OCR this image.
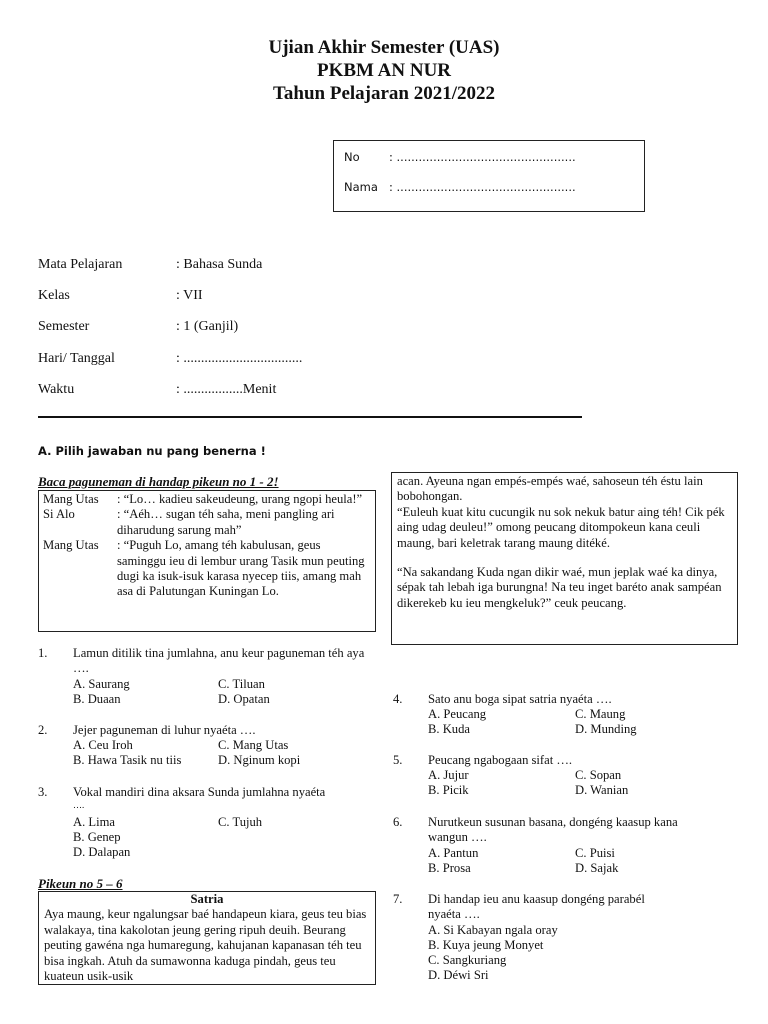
Ujian Akhir Semester (UAS)
PKBM AN NUR
Tahun Pelajaran 2021/2022
No	: .................................................
Nama : .................................................
Mata Pelajaran	: Bahasa Sunda
Kelas	: VII
Semester	: 1 (Ganjil)
Hari/ Tanggal	: ..................................
Waktu	: .................Menit
A. Pilih jawaban nu pang benerna !
Baca paguneman di handap pikeun no 1 - 2!
Mang Utas	: “Lo… kadieu sakeudeung, urang ngopi heula!”
Si Alo	: “Aéh… sugan téh saha, meni pangling ari diharudung sarung mah”
Mang Utas	: “Puguh Lo, amang téh kabulusan, geus saminggu ieu di lembur urang Tasik mun peuting dugi ka isuk-isuk karasa nyecep tiis, amang mah asa di Palutungan Kuningan Lo.
1. Lamun ditilik tina jumlahna, anu keur paguneman téh aya ….
A. Saurang	C. Tiluan
B. Duaan	D. Opatan
2. Jejer paguneman di luhur nyaéta ….
A. Ceu Iroh	C. Mang Utas
B. Hawa Tasik nu tiis	D. Nginum kopi
3. Vokal mandiri dina aksara Sunda jumlahna nyaéta
….
A. Lima	C. Tujuh
B. Genep
D. Dalapan
Pikeun no 5 – 6
Satria
Aya maung, keur ngalungsar baé handapeun kiara, geus teu bias walakaya, tina kakolotan jeung gering ripuh deuih. Beurang peuting gawéna nga humaregung, kahujanan kapanasan téh teu bisa ingkah. Atuh da sumawonna kaduga pindah, geus teu kuateun usik-usik
acan. Ayeuna ngan empés-empés waé, sahoseun téh éstu lain bobohongan.
“Euleuh kuat kitu cucungik nu sok nekuk batur aing téh! Cik pék aing udag deuleu!” omong peucang ditompokeun kana ceuli maung, bari keletrak tarang maung ditéké.
“Na sakandang Kuda ngan dikir waé, mun jeplak waé ka dinya, sépak tah lebah iga burungna! Na teu inget baréto anak sampéan dikerekeb ku ieu mengkeluk?” ceuk peucang.
4. Sato anu boga sipat satria nyaéta ….
A. Peucang	C. Maung
B. Kuda	D. Munding
5. Peucang ngabogaan sifat ….
A. Jujur	C. Sopan
B. Picik	D. Wanian
6. Nurutkeun susunan basana, dongéng kaasup kana wangun ….
A. Pantun	C. Puisi
B. Prosa	D. Sajak
7. Di handap ieu anu kaasup dongéng parabél nyaéta ….
A. Si Kabayan ngala oray
B. Kuya jeung Monyet
C. Sangkuriang
D. Déwi Sri
